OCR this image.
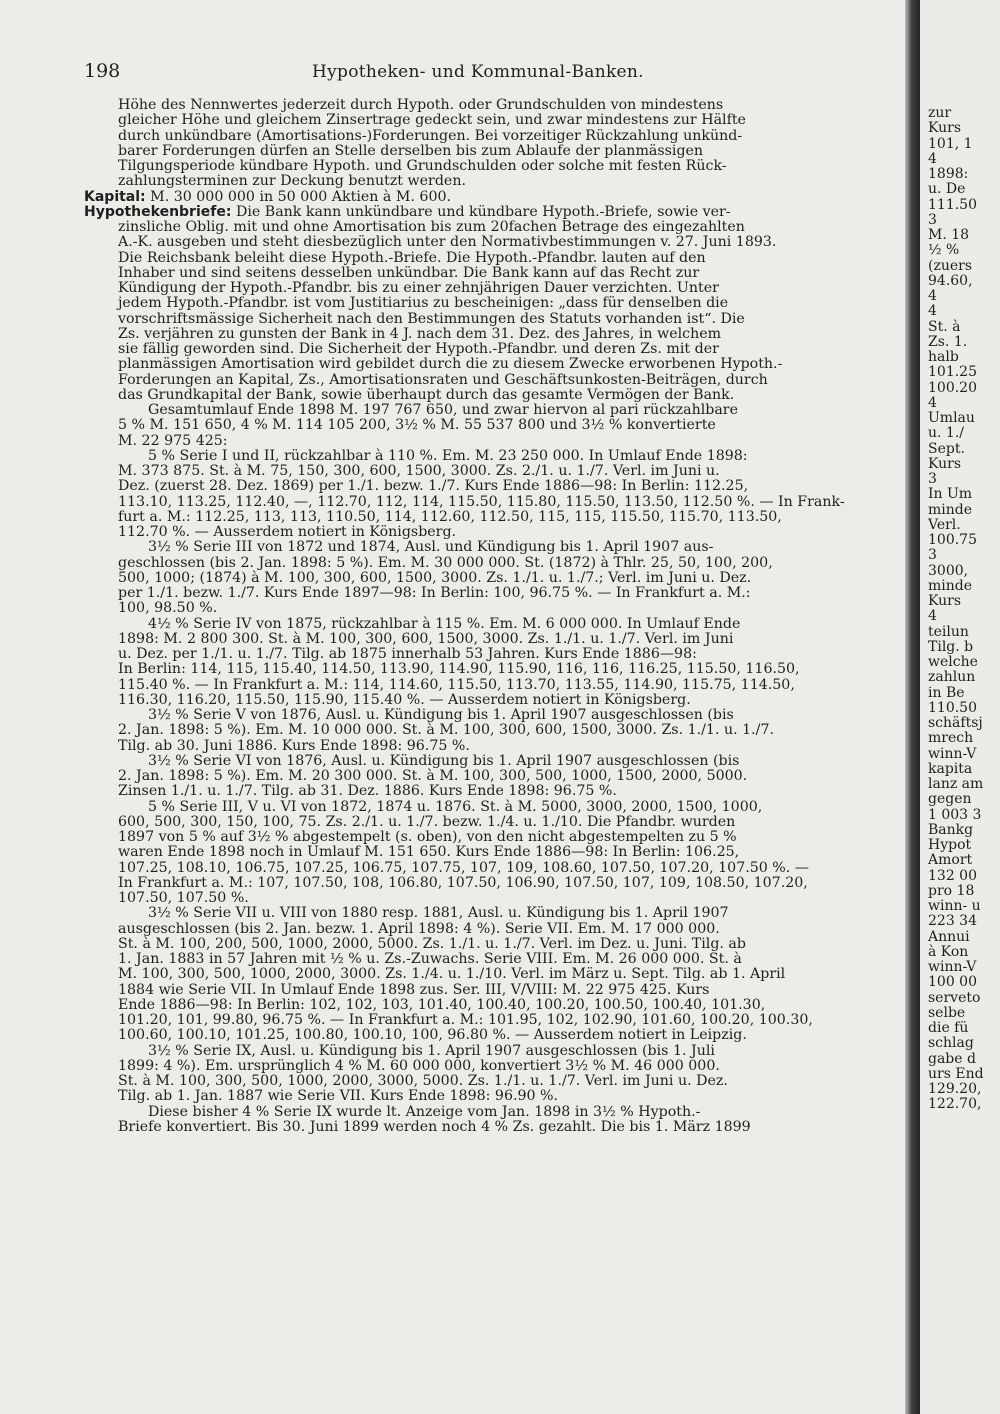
198	Hypotheken- und Kommunal-Banken.
Höhe des Nennwertes jederzeit durch Hypoth. oder Grundschulden von mindestens
gleicher Höhe und gleichem Zinsertrage gedeckt sein, und zwar mindestens zur Hälfte
durch unkündbare (Amortisations-)Forderungen. Bei vorzeitiger Rückzahlung unkünd-
barer Forderungen dürfen an Stelle derselben bis zum Ablaufe der planmässigen
Tilgungsperiode kündbare Hypoth. und Grundschulden oder solche mit festen Rück-
zahlungsterminen zur Deckung benutzt werden.
Kapital: M. 30 000 000 in 50 000 Aktien à M. 600.
Hypothekenbriefe: Die Bank kann unkündbare und kündbare Hypoth.-Briefe, sowie ver-
zinsliche Oblig. mit und ohne Amortisation bis zum 20fachen Betrage des eingezahlten
A.-K. ausgeben und steht diesbezüglich unter den Normativbestimmungen v. 27. Juni 1893.
Die Reichsbank beleiht diese Hypoth.-Briefe. Die Hypoth.-Pfandbr. lauten auf den
Inhaber und sind seitens desselben unkündbar. Die Bank kann auf das Recht zur
Kündigung der Hypoth.-Pfandbr. bis zu einer zehnjährigen Dauer verzichten. Unter
jedem Hypoth.-Pfandbr. ist vom Justitiarius zu bescheinigen: „dass für denselben die
vorschriftsmässige Sicherheit nach den Bestimmungen des Statuts vorhanden ist“. Die
Zs. verjähren zu gunsten der Bank in 4 J. nach dem 31. Dez. des Jahres, in welchem
sie fällig geworden sind. Die Sicherheit der Hypoth.-Pfandbr. und deren Zs. mit der
planmässigen Amortisation wird gebildet durch die zu diesem Zwecke erworbenen Hypoth.-
Forderungen an Kapital, Zs., Amortisationsraten und Geschäftsunkosten-Beiträgen, durch
das Grundkapital der Bank, sowie überhaupt durch das gesamte Vermögen der Bank.
Gesamtumlauf Ende 1898 M. 197 767 650, und zwar hiervon al pari rückzahlbare
5 % M. 151 650, 4 % M. 114 105 200, 3½ % M. 55 537 800 und 3½ % konvertierte
M. 22 975 425:
5 % Serie I und II, rückzahlbar à 110 %. Em. M. 23 250 000. In Umlauf Ende 1898:
M. 373 875. St. à M. 75, 150, 300, 600, 1500, 3000. Zs. 2./1. u. 1./7. Verl. im Juni u.
Dez. (zuerst 28. Dez. 1869) per 1./1. bezw. 1./7. Kurs Ende 1886—98: In Berlin: 112.25,
113.10, 113.25, 112.40, —, 112.70, 112, 114, 115.50, 115.80, 115.50, 113.50, 112.50 %. — In Frank-
furt a. M.: 112.25, 113, 113, 110.50, 114, 112.60, 112.50, 115, 115, 115.50, 115.70, 113.50,
112.70 %. — Ausserdem notiert in Königsberg.
3½ % Serie III von 1872 und 1874, Ausl. und Kündigung bis 1. April 1907 aus-
geschlossen (bis 2. Jan. 1898: 5 %). Em. M. 30 000 000. St. (1872) à Thlr. 25, 50, 100, 200,
500, 1000; (1874) à M. 100, 300, 600, 1500, 3000. Zs. 1./1. u. 1./7.; Verl. im Juni u. Dez.
per 1./1. bezw. 1./7. Kurs Ende 1897—98: In Berlin: 100, 96.75 %. — In Frankfurt a. M.:
100, 98.50 %.
4½ % Serie IV von 1875, rückzahlbar à 115 %. Em. M. 6 000 000. In Umlauf Ende
1898: M. 2 800 300. St. à M. 100, 300, 600, 1500, 3000. Zs. 1./1. u. 1./7. Verl. im Juni
u. Dez. per 1./1. u. 1./7. Tilg. ab 1875 innerhalb 53 Jahren. Kurs Ende 1886—98:
In Berlin: 114, 115, 115.40, 114.50, 113.90, 114.90, 115.90, 116, 116, 116.25, 115.50, 116.50,
115.40 %. — In Frankfurt a. M.: 114, 114.60, 115.50, 113.70, 113.55, 114.90, 115.75, 114.50,
116.30, 116.20, 115.50, 115.90, 115.40 %. — Ausserdem notiert in Königsberg.
3½ % Serie V von 1876, Ausl. u. Kündigung bis 1. April 1907 ausgeschlossen (bis
2. Jan. 1898: 5 %). Em. M. 10 000 000. St. à M. 100, 300, 600, 1500, 3000. Zs. 1./1. u. 1./7.
Tilg. ab 30. Juni 1886. Kurs Ende 1898: 96.75 %.
3½ % Serie VI von 1876, Ausl. u. Kündigung bis 1. April 1907 ausgeschlossen (bis
2. Jan. 1898: 5 %). Em. M. 20 300 000. St. à M. 100, 300, 500, 1000, 1500, 2000, 5000.
Zinsen 1./1. u. 1./7. Tilg. ab 31. Dez. 1886. Kurs Ende 1898: 96.75 %.
5 % Serie III, V u. VI von 1872, 1874 u. 1876. St. à M. 5000, 3000, 2000, 1500, 1000,
600, 500, 300, 150, 100, 75. Zs. 2./1. u. 1./7. bezw. 1./4. u. 1./10. Die Pfandbr. wurden
1897 von 5 % auf 3½ % abgestempelt (s. oben), von den nicht abgestempelten zu 5 %
waren Ende 1898 noch in Umlauf M. 151 650. Kurs Ende 1886—98: In Berlin: 106.25,
107.25, 108.10, 106.75, 107.25, 106.75, 107.75, 107, 109, 108.60, 107.50, 107.20, 107.50 %. —
In Frankfurt a. M.: 107, 107.50, 108, 106.80, 107.50, 106.90, 107.50, 107, 109, 108.50, 107.20,
107.50, 107.50 %.
3½ % Serie VII u. VIII von 1880 resp. 1881, Ausl. u. Kündigung bis 1. April 1907
ausgeschlossen (bis 2. Jan. bezw. 1. April 1898: 4 %). Serie VII. Em. M. 17 000 000.
St. à M. 100, 200, 500, 1000, 2000, 5000. Zs. 1./1. u. 1./7. Verl. im Dez. u. Juni. Tilg. ab
1. Jan. 1883 in 57 Jahren mit ½ % u. Zs.-Zuwachs. Serie VIII. Em. M. 26 000 000. St. à
M. 100, 300, 500, 1000, 2000, 3000. Zs. 1./4. u. 1./10. Verl. im März u. Sept. Tilg. ab 1. April
1884 wie Serie VII. In Umlauf Ende 1898 zus. Ser. III, V/VIII: M. 22 975 425. Kurs
Ende 1886—98: In Berlin: 102, 102, 103, 101.40, 100.40, 100.20, 100.50, 100.40, 101.30,
101.20, 101, 99.80, 96.75 %. — In Frankfurt a. M.: 101.95, 102, 102.90, 101.60, 100.20, 100.30,
100.60, 100.10, 101.25, 100.80, 100.10, 100, 96.80 %. — Ausserdem notiert in Leipzig.
3½ % Serie IX, Ausl. u. Kündigung bis 1. April 1907 ausgeschlossen (bis 1. Juli
1899: 4 %). Em. ursprünglich 4 % M. 60 000 000, konvertiert 3½ % M. 46 000 000.
St. à M. 100, 300, 500, 1000, 2000, 3000, 5000. Zs. 1./1. u. 1./7. Verl. im Juni u. Dez.
Tilg. ab 1. Jan. 1887 wie Serie VII. Kurs Ende 1898: 96.90 %.
Diese bisher 4 % Serie IX wurde lt. Anzeige vom Jan. 1898 in 3½ % Hypoth.-
Briefe konvertiert. Bis 30. Juni 1899 werden noch 4 % Zs. gezahlt. Die bis 1. März 1899
zur
Kurs
101, 1
4
1898:
u. De
111.50
3
M. 18
½ %
(zuers
94.60,
4
4
St. à
Zs. 1.
halb
101.25
100.20
4
Umlau
u. 1./
Sept.
Kurs
3
In Um
minde
Verl.
100.75
3
3000,
minde
Kurs
4
teilun
Tilg. b
welche
zahlun
in Be
110.50
schäftsj
mrech
winn-V
kapita
lanz am
gegen
1 003 3
Bankg
Hypot
Amort
132 00
pro 18
winn- u
223 34
Annui
à Kon
winn-V
100 00
serveto
selbe
die fü
schlag
gabe d
urs End
129.20,
122.70,
